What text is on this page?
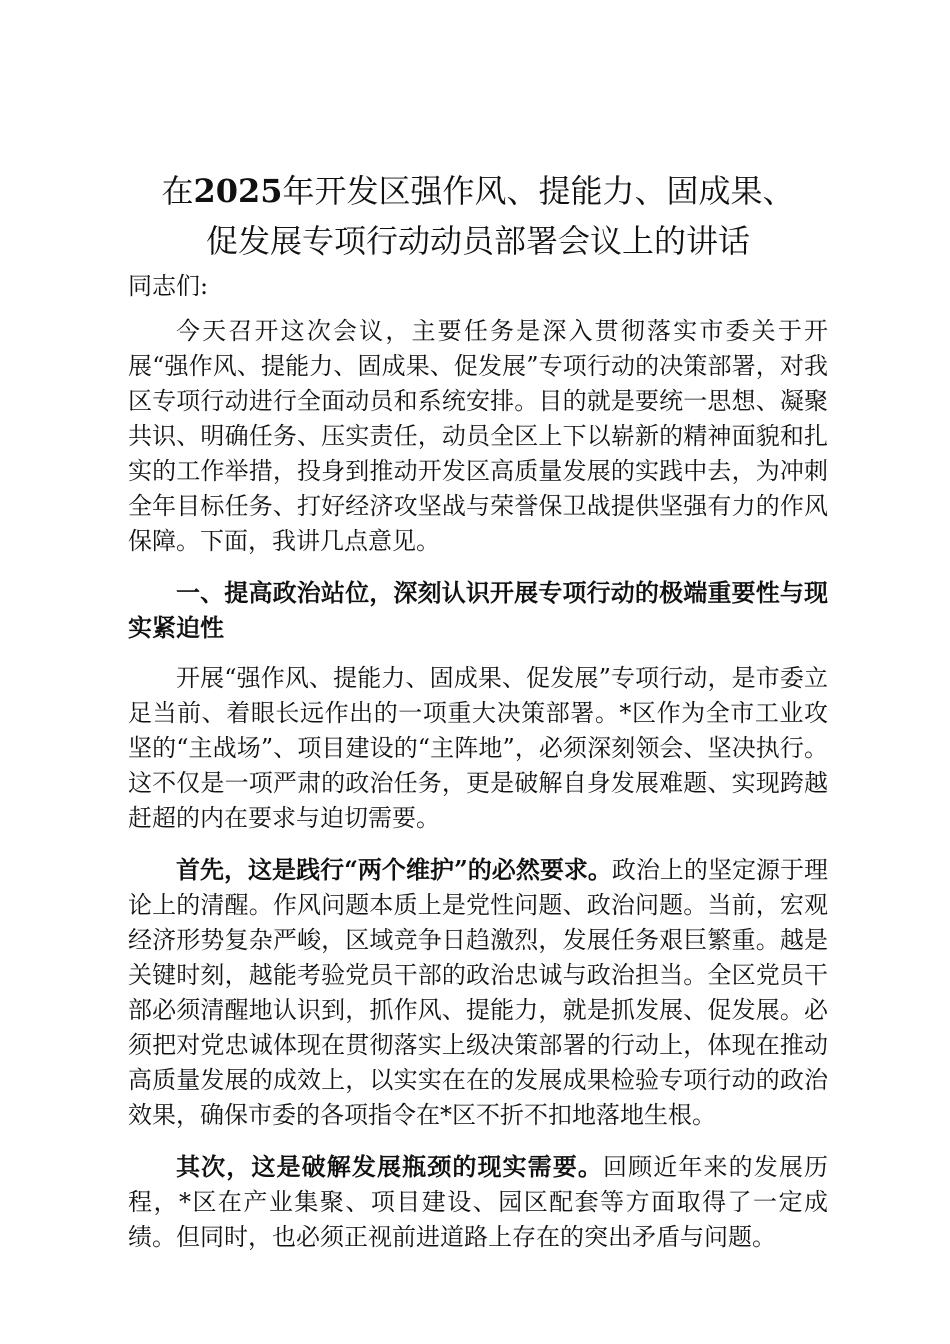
在2025年开发区强作风、提能力、固成果、
促发展专项行动动员部署会议上的讲话

同志们:

今天召开这次会议，主要任务是深入贯彻落实市委关于开展“强作风、提能力、固成果、促发展”专项行动的决策部署，对我区专项行动进行全面动员和系统安排。目的就是要统一思想、凝聚共识、明确任务、压实责任，动员全区上下以崭新的精神面貌和扎实的工作举措，投身到推动开发区高质量发展的实践中去，为冲刺全年目标任务、打好经济攻坚战与荣誉保卫战提供坚强有力的作风保障。下面，我讲几点意见。

一、提高政治站位，深刻认识开展专项行动的极端重要性与现实紧迫性

开展“强作风、提能力、固成果、促发展”专项行动，是市委立足当前、着眼长远作出的一项重大决策部署。*区作为全市工业攻坚的“主战场”、项目建设的“主阵地”，必须深刻领会、坚决执行。这不仅是一项严肃的政治任务，更是破解自身发展难题、实现跨越赶超的内在要求与迫切需要。

首先，这是践行“两个维护”的必然要求。政治上的坚定源于理论上的清醒。作风问题本质上是党性问题、政治问题。当前，宏观经济形势复杂严峻，区域竞争日趋激烈，发展任务艰巨繁重。越是关键时刻，越能考验党员干部的政治忠诚与政治担当。全区党员干部必须清醒地认识到，抓作风、提能力，就是抓发展、促发展。必须把对党忠诚体现在贯彻落实上级决策部署的行动上，体现在推动高质量发展的成效上，以实实在在的发展成果检验专项行动的政治效果，确保市委的各项指令在*区不折不扣地落地生根。

其次，这是破解发展瓶颈的现实需要。回顾近年来的发展历程，*区在产业集聚、项目建设、园区配套等方面取得了一定成绩。但同时，也必须正视前进道路上存在的突出矛盾与问题。
